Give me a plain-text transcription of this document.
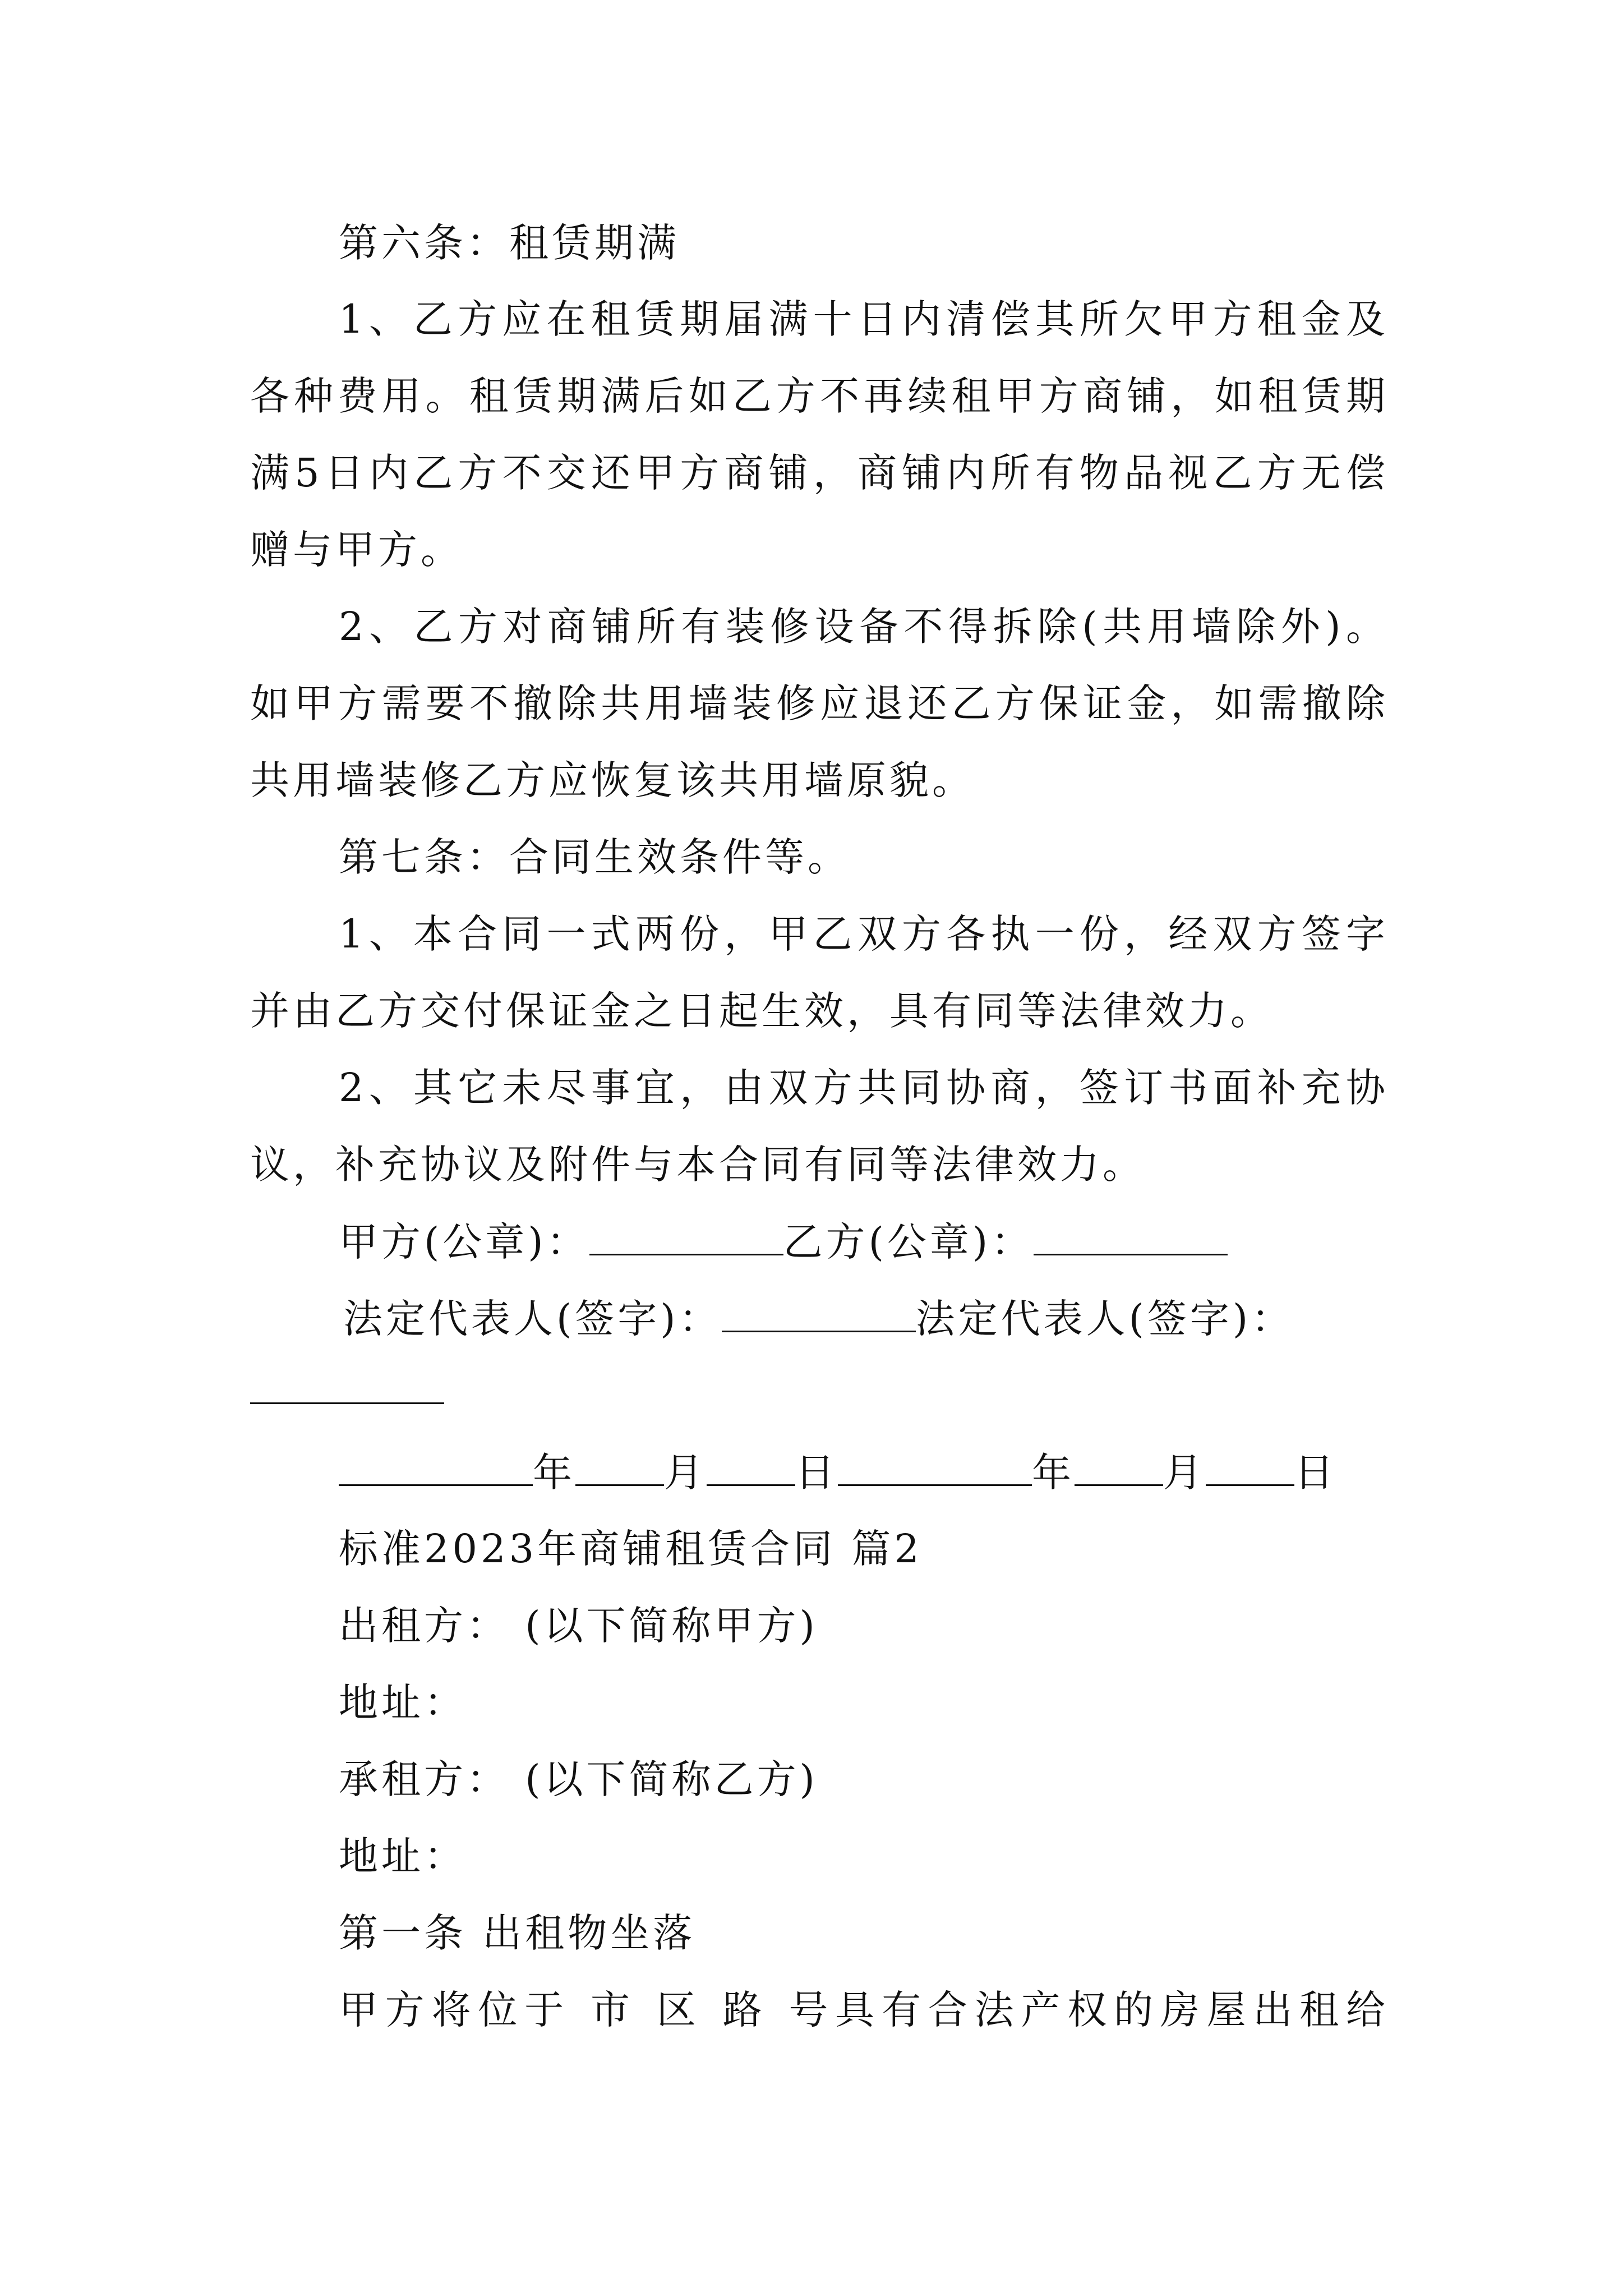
第六条：租赁期满
1、乙方应在租赁期届满十日内清偿其所欠甲方租金及
各种费用。租赁期满后如乙方不再续租甲方商铺，如租赁期
满5日内乙方不交还甲方商铺，商铺内所有物品视乙方无偿
赠与甲方。
2、乙方对商铺所有装修设备不得拆除(共用墙除外)。
如甲方需要不撤除共用墙装修应退还乙方保证金，如需撤除
共用墙装修乙方应恢复该共用墙原貌。
第七条：合同生效条件等。
1、本合同一式两份，甲乙双方各执一份，经双方签字
并由乙方交付保证金之日起生效，具有同等法律效力。
2、其它未尽事宜，由双方共同协商，签订书面补充协
议，补充协议及附件与本合同有同等法律效力。
甲方(公章)：	乙方(公章)：
法定代表人(签字)：	法定代表人(签字)：
年 月 日	年 月 日
标准2023年商铺租赁合同 篇2
出租方： (以下简称甲方)
地址：
承租方： (以下简称乙方)
地址：
第一条 出租物坐落
甲方将位于 市 区 路 号具有合法产权的房屋出租给
